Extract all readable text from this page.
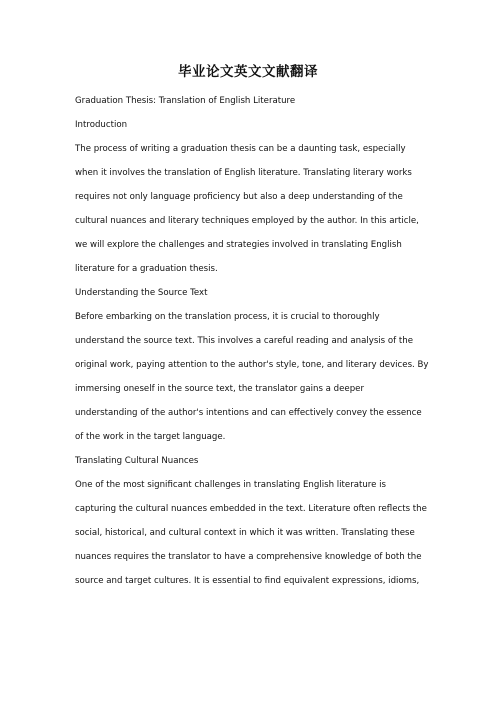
毕业论文英文文献翻译
Graduation Thesis: Translation of English Literature
Introduction
The process of writing a graduation thesis can be a daunting task, especially
when it involves the translation of English literature. Translating literary works
requires not only language proficiency but also a deep understanding of the
cultural nuances and literary techniques employed by the author. In this article,
we will explore the challenges and strategies involved in translating English
literature for a graduation thesis.
Understanding the Source Text
Before embarking on the translation process, it is crucial to thoroughly
understand the source text. This involves a careful reading and analysis of the
original work, paying attention to the author's style, tone, and literary devices. By
immersing oneself in the source text, the translator gains a deeper
understanding of the author's intentions and can effectively convey the essence
of the work in the target language.
Translating Cultural Nuances
One of the most significant challenges in translating English literature is
capturing the cultural nuances embedded in the text. Literature often reflects the
social, historical, and cultural context in which it was written. Translating these
nuances requires the translator to have a comprehensive knowledge of both the
source and target cultures. It is essential to find equivalent expressions, idioms,
